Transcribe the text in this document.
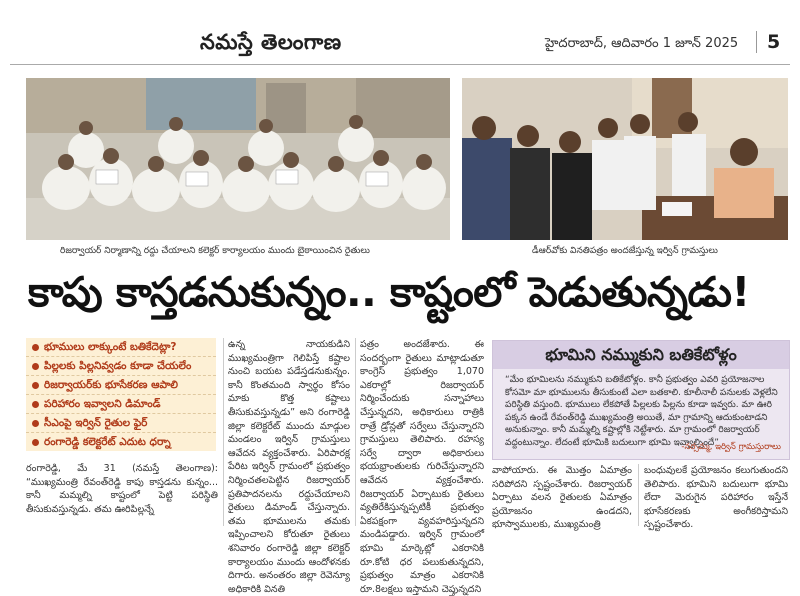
నమస్తే తెలంగాణ	హైదరాబాద్, ఆదివారం 1 జూన్ 2025	5
రిజర్వాయర్ నిర్మాణాన్ని రద్దు చేయాలని కలెక్టర్ కార్యాలయం ముందు బైఠాయించిన రైతులు	డీఆర్‌వోకు వినతిపత్రం అందజేస్తున్న ఇర్విన్ గ్రామస్తులు
కాపు కాస్తడనుకున్నం.. కాష్టంలో పెడుతున్నడు!
భూములు లాక్కుంటే బతికేదెట్లా?
పిల్లలకు పిల్లనివ్వడం కూడా చేయలేం
రిజర్వాయర్‌కు భూసేకరణ ఆపాలి
పరిహారం ఇవ్వాలని డిమాండ్
సీఎంపై ఇర్విన్ రైతుల ఫైర్
రంగారెడ్డి కలెక్టరేట్ ఎదుట ధర్నా

రంగారెడ్డి, మే 31 (నమస్తే తెలంగాణ): “ముఖ్యమంత్రి రేవంత్‌రెడ్డి కాపు కాస్తడను కున్నం... కానీ మమ్మల్ని కాష్టంలో పెట్టి పరిస్థితి తీసుకువస్తున్నడు. తమ ఊరిపిల్లన్నే

ఉన్న నాయకుడిని ముఖ్యమంత్రిగా గెలిపిస్తే కష్టాల నుంచి బయట పడేస్తడనుకున్నం. కానీ కొంతమంది స్వార్థం కోసం మాకు కొత్త కష్టాలు తీసుకువస్తున్నడు” అని రంగారెడ్డి జిల్లా కలెక్టరేట్ ముందు మాడ్గుల మండలం ఇర్విన్ గ్రామస్తులు ఆవేదన వ్యక్తంచేశారు. ఏరిపారక్ల పేరిట ఇర్విన్ గ్రామంలో ప్రభుత్వం నిర్మించతలపెట్టిన రిజర్వాయర్ ప్రతిపాదనలను రద్దుచేయాలని రైతులు డిమాండ్ చేస్తున్నారు. తమ భూములను తమకు ఇప్పించాలని కోరుతూ రైతులు శనివారం రంగారెడ్డి జిల్లా కలెక్టర్ కార్యాలయం ముందు ఆందోళనకు దిగారు. అనంతరం జిల్లా రెవెన్యూ అధికారికి వినతి

పత్రం అందజేశారు. ఈ సందర్భంగా రైతులు మాట్లాడుతూ కాంగ్రెస్ ప్రభుత్వం 1,070 ఎకరాల్లో రిజర్వాయర్ నిర్మించేందుకు సన్నాహాలు చేస్తున్నదని, అధికారులు రాత్రికి రాత్రే డ్రోన్లతో సర్వేలు చేస్తున్నారని గ్రామస్తులు తెలిపారు. రహస్య సర్వే ద్వారా అధికారులు భయభ్రాంతులకు గురిచేస్తున్నారని ఆవేదన వ్యక్తంచేశారు. రిజర్వాయర్ ఏర్పాటుకు రైతులు వ్యతిరేకిస్తున్నప్పటికీ ప్రభుత్వం ఏకపక్షంగా వ్యవహరిస్తున్నదని మండిపడ్డారు. ఇర్విన్ గ్రామంలో భూమి మార్కెట్లో ఎకరానికి రూ.కోటి ధర పలుకుతున్నదని, ప్రభుత్వం మాత్రం ఎకరానికి రూ.8లక్షలు ఇస్తామని చెప్తున్నదని

భూమిని నమ్ముకుని బతికేటోళ్లం
“మేం భూమిలను నమ్ముకుని బతికేటోళ్లం. కానీ ప్రభుత్వం ఎవరి ప్రయోజనాల కోసమో మా భూములను తీసుకుంటే ఎలా బతకాలి. కూలీనాలీ పనులకు వెళ్లలేని పరిస్థితి వస్తుంది. భూములు లేకపోతే పిల్లలకు పిల్లను కూడా ఇవ్వరు. మా ఊరి పక్కన ఉండే రేవంత్‌రెడ్డి ముఖ్యమంత్రి అయితే, మా గ్రామాన్ని ఆదుకుంటాడని అనుకున్నాం. కానీ మమ్మల్ని కష్టాల్లోకి నెట్టేశారు. మా గ్రామంలో రిజర్వాయర్ వద్దంటున్నాం. లేదంటే భూమికి బదులుగా భూమి ఇవ్వాల్సిందే”
-నర్సమ్మ, ఇర్విన్ గ్రామస్తురాలు

వాపోయారు. ఈ మొత్తం ఏమాత్రం సరిపోదని స్పష్టంచేశారు. రిజర్వాయర్ ఏర్పాటు వలన రైతులకు ఏమాత్రం ప్రయోజనం ఉండదని, భూస్వాములకు, ముఖ్యమంత్రి

బంధువులకే ప్రయోజనం కలుగుతుందని తెలిపారు. భూమిని బదులుగా భూమి లేదా మెరుగైన పరిహారం ఇస్తేనే భూసేకరణకు అంగీకరిస్తామని స్పష్టంచేశారు.
